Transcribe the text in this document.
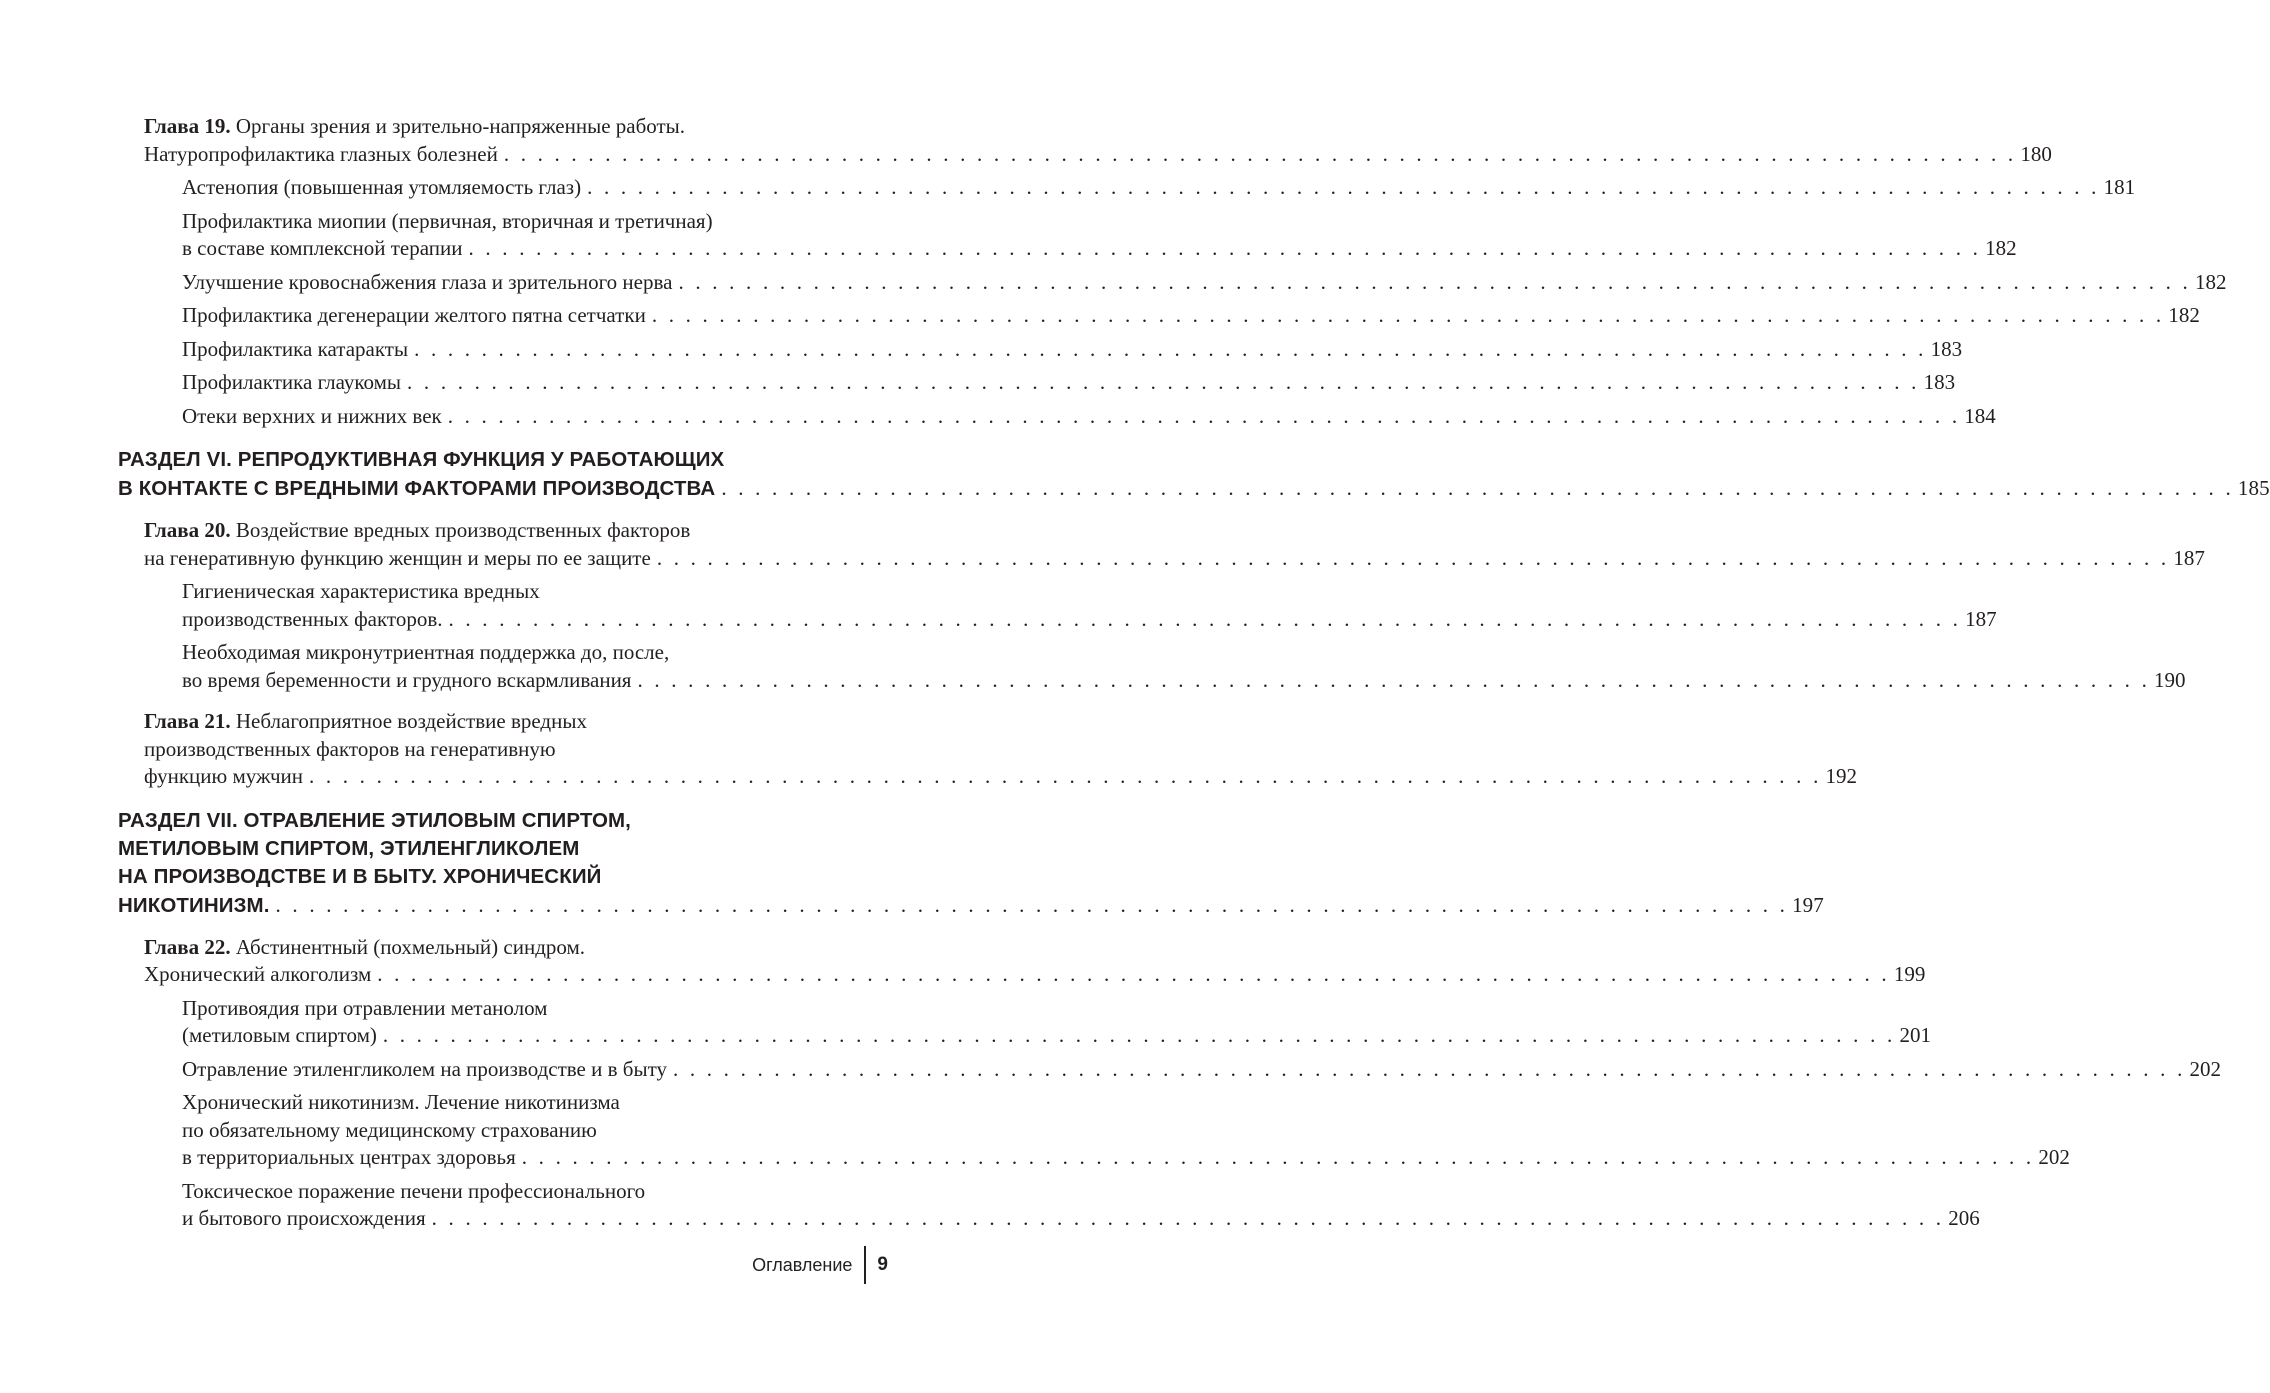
Глава 19. Органы зрения и зрительно-напряженные работы.
Натуропрофилактика глазных болезней . . . . . . . . . . . . . . . . . . . . . . . . . . . . . . . . . . . . . . . . . . . . . . . . . . . . . . . . . . . . . . . . . . . . . . . . . . . . . . . . . . . . . . . . . . 180
Астенопия (повышенная утомляемость глаз) . . . . . . . . . . . . . . . . . . . . . . . . . . . . . . . . . . . . . . . . . . . . . . . . . . . . . . . . . . . . . . . . . . . . . . . . . . . . . . . . . . . . . . . . . . 181
Профилактика миопии (первичная, вторичная и третичная)
в составе комплексной терапии . . . . . . . . . . . . . . . . . . . . . . . . . . . . . . . . . . . . . . . . . . . . . . . . . . . . . . . . . . . . . . . . . . . . . . . . . . . . . . . . . . . . . . . . . . 182
Улучшение кровоснабжения глаза и зрительного нерва . . . . . . . . . . . . . . . . . . . . . . . . . . . . . . . . . . . . . . . . . . . . . . . . . . . . . . . . . . . . . . . . . . . . . . . . . . . . . . . . . . . . . . . . . . 182
Профилактика дегенерации желтого пятна сетчатки . . . . . . . . . . . . . . . . . . . . . . . . . . . . . . . . . . . . . . . . . . . . . . . . . . . . . . . . . . . . . . . . . . . . . . . . . . . . . . . . . . . . . . . . . . 182
Профилактика катаракты . . . . . . . . . . . . . . . . . . . . . . . . . . . . . . . . . . . . . . . . . . . . . . . . . . . . . . . . . . . . . . . . . . . . . . . . . . . . . . . . . . . . . . . . . . 183
Профилактика глаукомы . . . . . . . . . . . . . . . . . . . . . . . . . . . . . . . . . . . . . . . . . . . . . . . . . . . . . . . . . . . . . . . . . . . . . . . . . . . . . . . . . . . . . . . . . . 183
Отеки верхних и нижних век . . . . . . . . . . . . . . . . . . . . . . . . . . . . . . . . . . . . . . . . . . . . . . . . . . . . . . . . . . . . . . . . . . . . . . . . . . . . . . . . . . . . . . . . . . 184
РАЗДЕЛ VI. РЕПРОДУКТИВНАЯ ФУНКЦИЯ У РАБОТАЮЩИХ
В КОНТАКТЕ С ВРЕДНЫМИ ФАКТОРАМИ ПРОИЗВОДСТВА . . . . . . . . . . . . . . . . . . . . . . . . . . . . . . . . . . . . . . . . . . . . . . . . . . . . . . . . . . . . . . . . . . . . . . . . . . . . . . . . . . . . . . . . . . 185
Глава 20. Воздействие вредных производственных факторов
на генеративную функцию женщин и меры по ее защите . . . . . . . . . . . . . . . . . . . . . . . . . . . . . . . . . . . . . . . . . . . . . . . . . . . . . . . . . . . . . . . . . . . . . . . . . . . . . . . . . . . . . . . . . . 187
Гигиеническая характеристика вредных
производственных факторов. . . . . . . . . . . . . . . . . . . . . . . . . . . . . . . . . . . . . . . . . . . . . . . . . . . . . . . . . . . . . . . . . . . . . . . . . . . . . . . . . . . . . . . . . . . 187
Необходимая микронутриентная поддержка до, после,
во время беременности и грудного вскармливания . . . . . . . . . . . . . . . . . . . . . . . . . . . . . . . . . . . . . . . . . . . . . . . . . . . . . . . . . . . . . . . . . . . . . . . . . . . . . . . . . . . . . . . . . . 190
Глава 21. Неблагоприятное воздействие вредных
производственных факторов на генеративную
функцию мужчин . . . . . . . . . . . . . . . . . . . . . . . . . . . . . . . . . . . . . . . . . . . . . . . . . . . . . . . . . . . . . . . . . . . . . . . . . . . . . . . . . . . . . . . . . . 192
РАЗДЕЛ VII. ОТРАВЛЕНИЕ ЭТИЛОВЫМ СПИРТОМ,
МЕТИЛОВЫМ СПИРТОМ, ЭТИЛЕНГЛИКОЛЕМ
НА ПРОИЗВОДСТВЕ И В БЫТУ. ХРОНИЧЕСКИЙ
НИКОТИНИЗМ. . . . . . . . . . . . . . . . . . . . . . . . . . . . . . . . . . . . . . . . . . . . . . . . . . . . . . . . . . . . . . . . . . . . . . . . . . . . . . . . . . . . . . . . . . . 197
Глава 22. Абстинентный (похмельный) синдром.
Хронический алкоголизм . . . . . . . . . . . . . . . . . . . . . . . . . . . . . . . . . . . . . . . . . . . . . . . . . . . . . . . . . . . . . . . . . . . . . . . . . . . . . . . . . . . . . . . . . . 199
Противоядия при отравлении метанолом
(метиловым спиртом) . . . . . . . . . . . . . . . . . . . . . . . . . . . . . . . . . . . . . . . . . . . . . . . . . . . . . . . . . . . . . . . . . . . . . . . . . . . . . . . . . . . . . . . . . . 201
Отравление этиленгликолем на производстве и в быту . . . . . . . . . . . . . . . . . . . . . . . . . . . . . . . . . . . . . . . . . . . . . . . . . . . . . . . . . . . . . . . . . . . . . . . . . . . . . . . . . . . . . . . . . . 202
Хронический никотинизм. Лечение никотинизма
по обязательному медицинскому страхованию
в территориальных центрах здоровья . . . . . . . . . . . . . . . . . . . . . . . . . . . . . . . . . . . . . . . . . . . . . . . . . . . . . . . . . . . . . . . . . . . . . . . . . . . . . . . . . . . . . . . . . . 202
Токсическое поражение печени профессионального
и бытового происхождения . . . . . . . . . . . . . . . . . . . . . . . . . . . . . . . . . . . . . . . . . . . . . . . . . . . . . . . . . . . . . . . . . . . . . . . . . . . . . . . . . . . . . . . . . . 206
Оглавление 9
